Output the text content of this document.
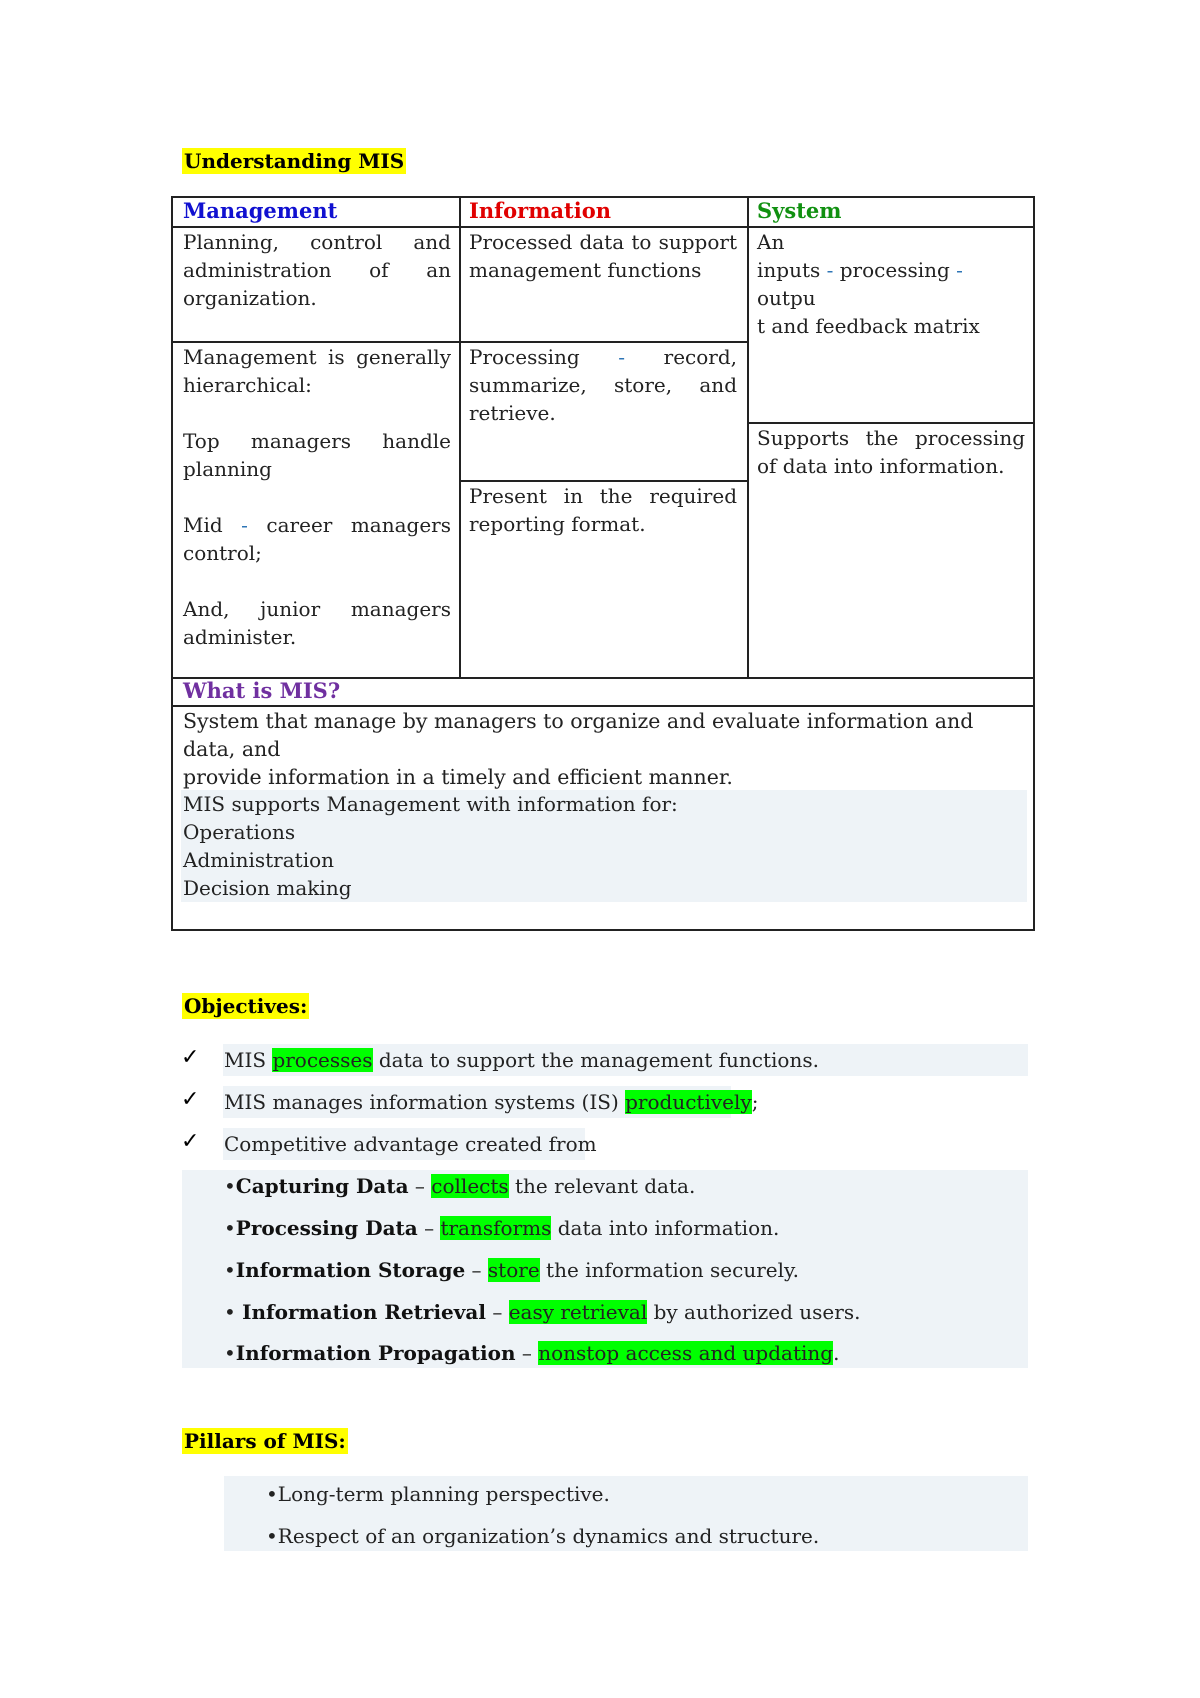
Understanding MIS
Management	Information	System

Planning, control and administration of an organization.

Management is generally hierarchical:

Top managers handle planning

Mid - career managers control;

And, junior managers administer.

Processed data to support management functions

Processing - record, summarize, store, and retrieve.

Present in the required reporting format.

An

inputs - processing - outpu

t and feedback matrix

Supports the processing of data into information.

What is MIS?

System that manage by managers to organize and evaluate information and data, and

provide information in a timely and efficient manner.

MIS supports Management with information for:

Operations

Administration

Decision making

Objectives:
✓ MIS processes data to support the management functions.
✓ MIS manages information systems (IS) productively;
✓ Competitive advantage created from
•Capturing Data – collects the relevant data.
•Processing Data – transforms data into information.
•Information Storage – store the information securely.
• Information Retrieval – easy retrieval by authorized users.
•Information Propagation – nonstop access and updating.
Pillars of MIS:
•Long-term planning perspective.
•Respect of an organization’s dynamics and structure.
